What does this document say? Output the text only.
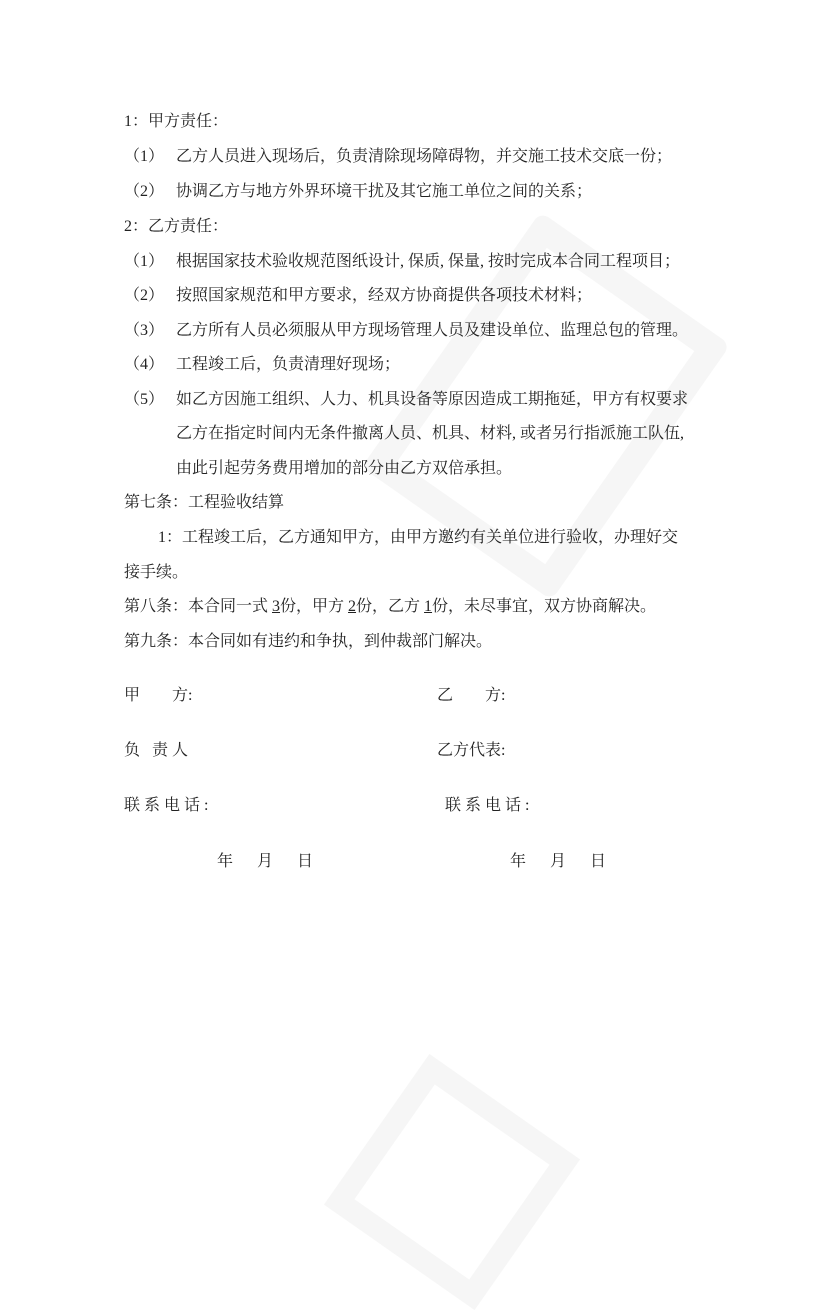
1：甲方责任：
（1） 乙方人员进入现场后，负责清除现场障碍物，并交施工技术交底一份；
（2） 协调乙方与地方外界环境干扰及其它施工单位之间的关系；
2：乙方责任：
（1） 根据国家技术验收规范图纸设计, 保质, 保量, 按时完成本合同工程项目；
（2） 按照国家规范和甲方要求，经双方协商提供各项技术材料；
（3） 乙方所有人员必须服从甲方现场管理人员及建设单位、监理总包的管理。
（4） 工程竣工后，负责清理好现场；
（5） 如乙方因施工组织、人力、机具设备等原因造成工期拖延，甲方有权要求
乙方在指定时间内无条件撤离人员、机具、材料, 或者另行指派施工队伍,
由此引起劳务费用增加的部分由乙方双倍承担。
第七条：工程验收结算
1：工程竣工后，乙方通知甲方，由甲方邀约有关单位进行验收，办理好交
接手续。
第八条：本合同一式 3份，甲方 2份，乙方 1份，未尽事宜，双方协商解决。
第九条：本合同如有违约和争执，到仲裁部门解决。
甲        方:	乙        方:
负   责 人	乙方代表:
联 系 电 话 :	联 系 电 话 :
年      月      日	年      月      日
